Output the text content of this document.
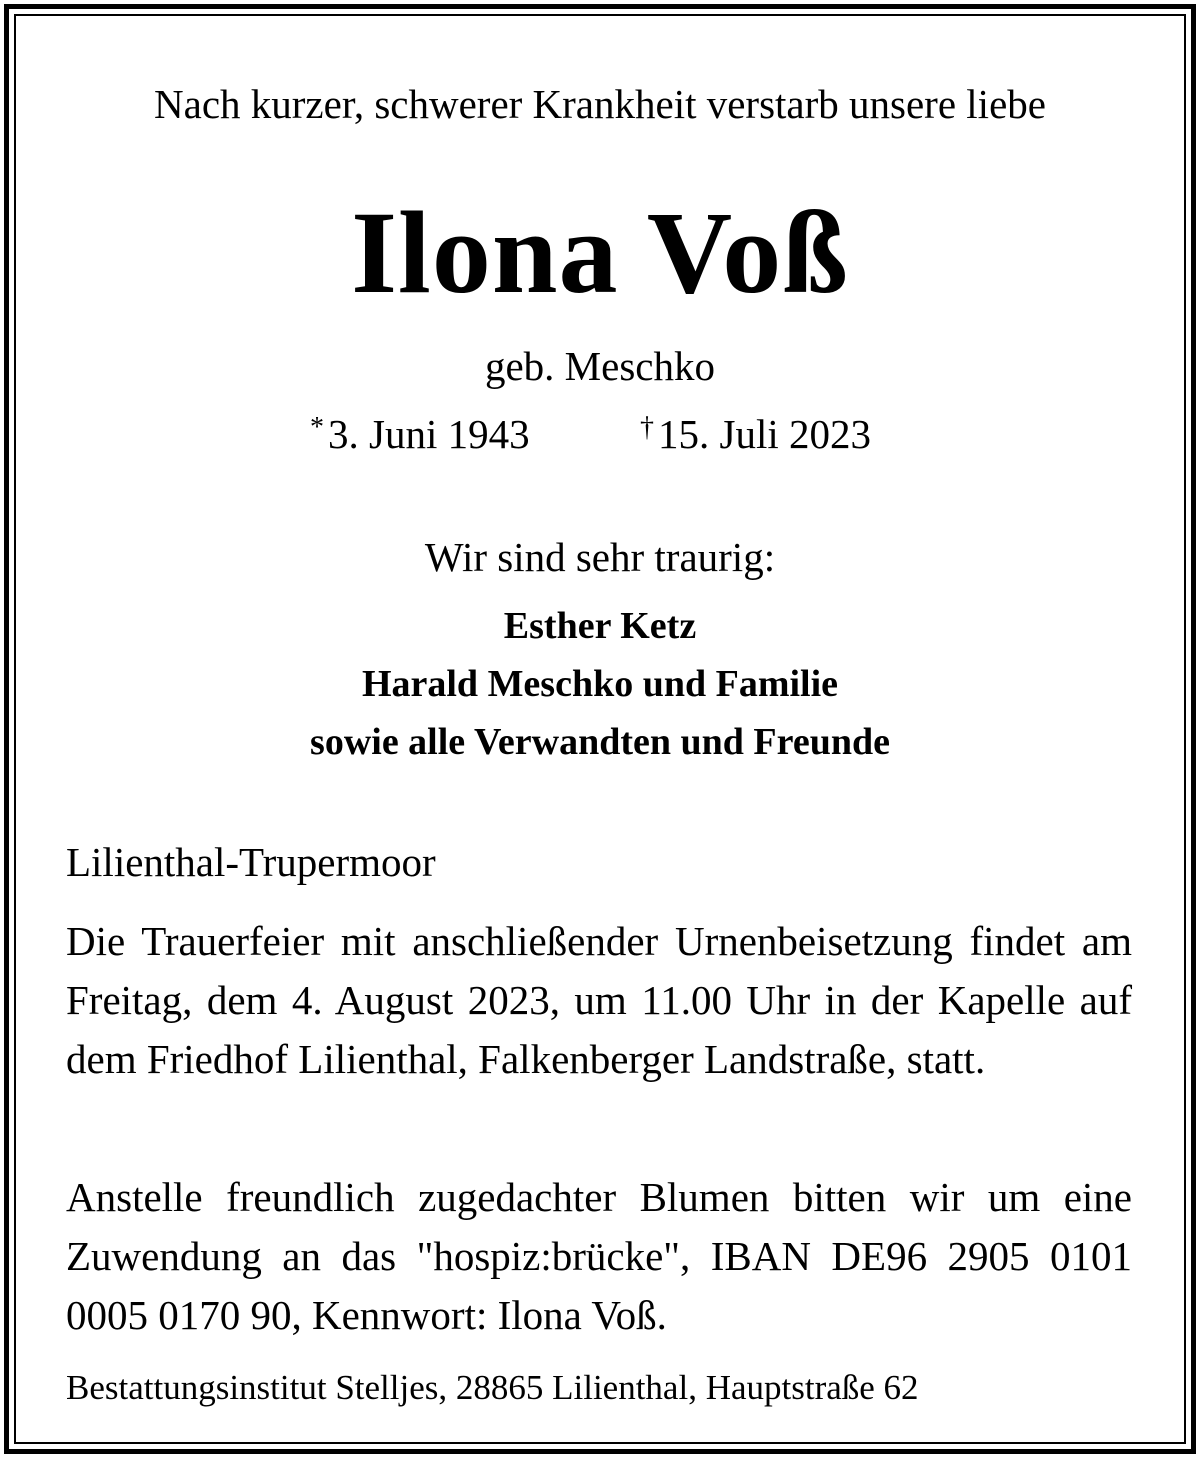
Nach kurzer, schwerer Krankheit verstarb unsere liebe

Ilona Voß

geb. Meschko

*3. Juni 1943	†15. Juli 2023

Wir sind sehr traurig:

Esther Ketz

Harald Meschko und Familie

sowie alle Verwandten und Freunde

Lilienthal-Trupermoor

Die Trauerfeier mit anschließender Urnenbeisetzung findet am Freitag, dem 4. August 2023, um 11.00 Uhr in der Kapelle auf dem Friedhof Lilienthal, Falkenberger Landstraße, statt.

Anstelle freundlich zugedachter Blumen bitten wir um eine Zuwendung an das "hospiz:brücke", IBAN DE96 2905 0101 0005 0170 90, Kennwort: Ilona Voß.

Bestattungsinstitut Stelljes, 28865 Lilienthal, Hauptstraße 62
